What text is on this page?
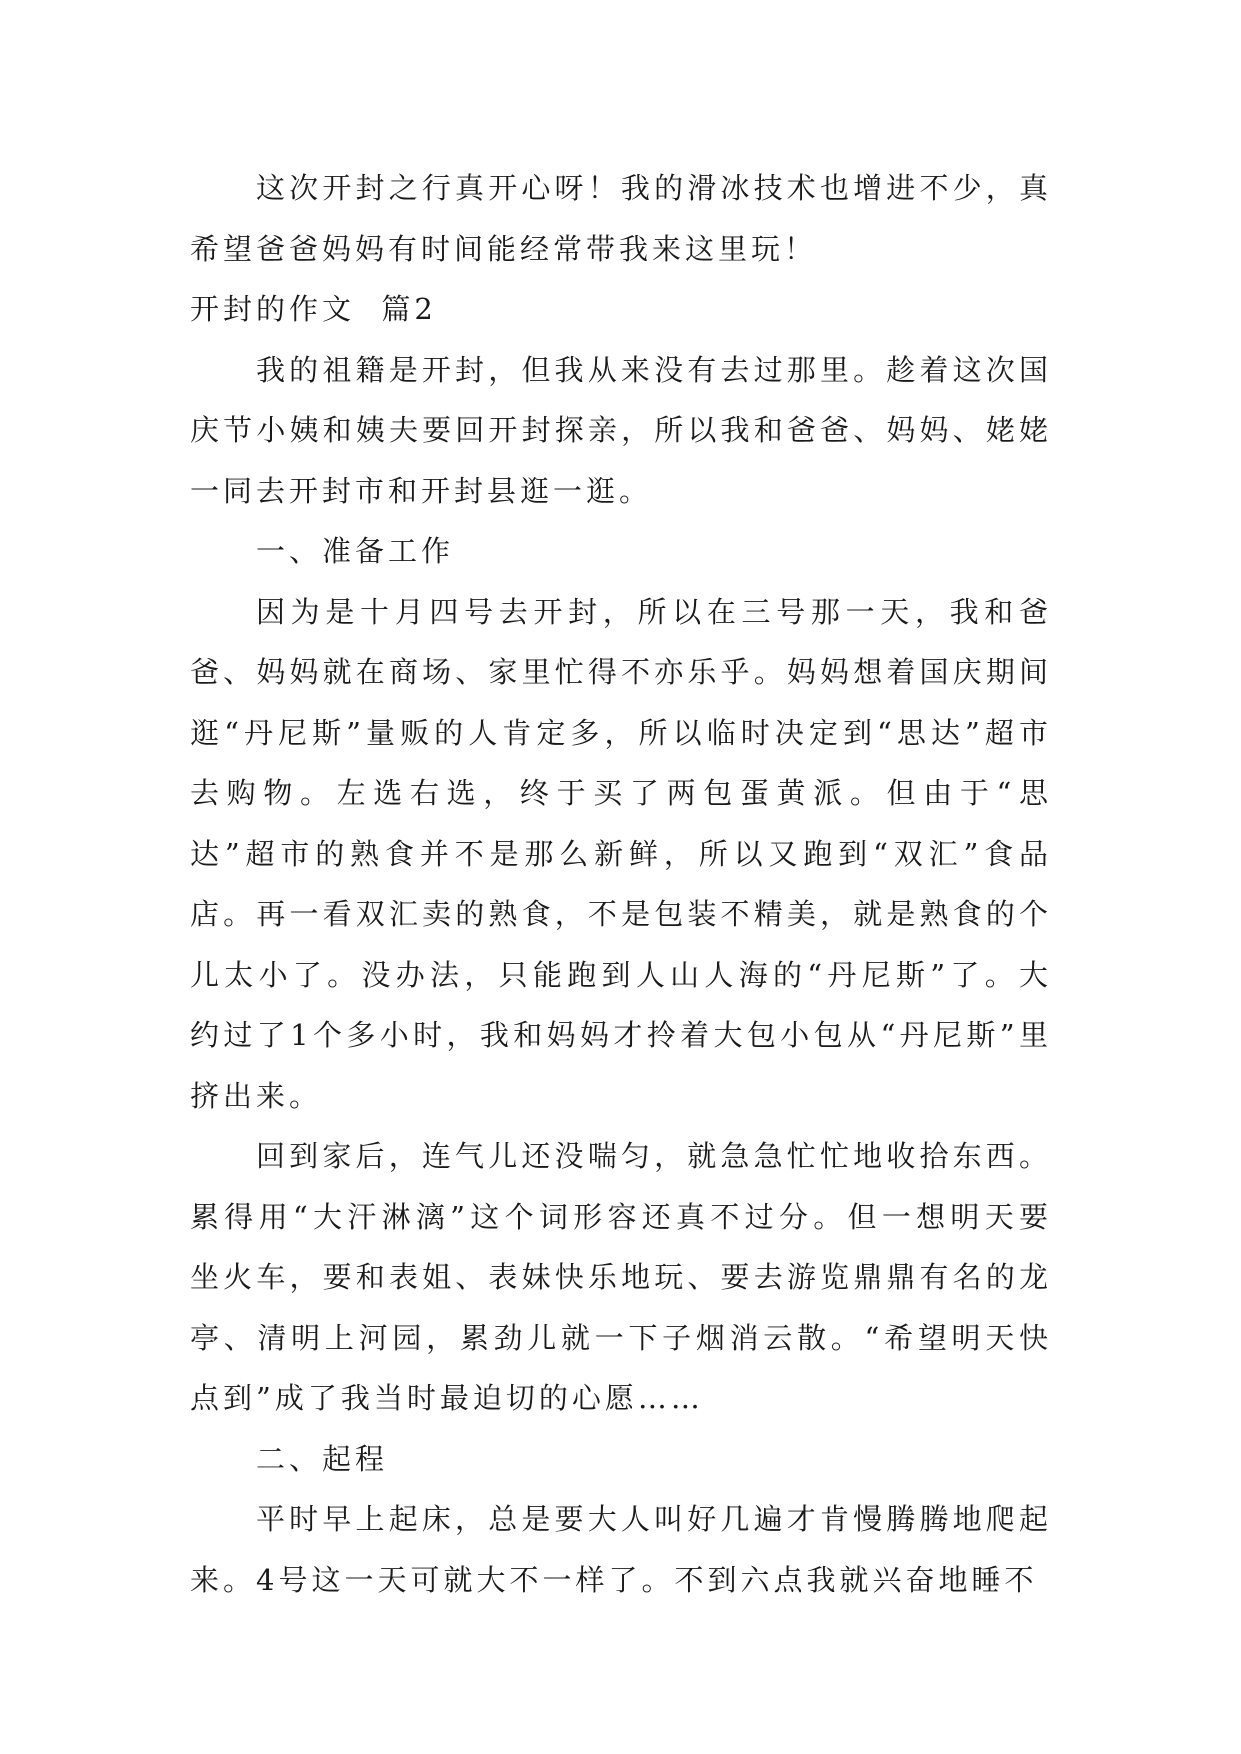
这次开封之行真开心呀！我的滑冰技术也增进不少，真希望爸爸妈妈有时间能经常带我来这里玩！

开封的作文  篇2

我的祖籍是开封，但我从来没有去过那里。趁着这次国庆节小姨和姨夫要回开封探亲，所以我和爸爸、妈妈、姥姥一同去开封市和开封县逛一逛。

一、准备工作

因为是十月四号去开封，所以在三号那一天，我和爸爸、妈妈就在商场、家里忙得不亦乐乎。妈妈想着国庆期间逛“丹尼斯”量贩的人肯定多，所以临时决定到“思达”超市去购物。左选右选，终于买了两包蛋黄派。但由于“思达”超市的熟食并不是那么新鲜，所以又跑到“双汇”食品店。再一看双汇卖的熟食，不是包装不精美，就是熟食的个儿太小了。没办法，只能跑到人山人海的“丹尼斯”了。大约过了1个多小时，我和妈妈才拎着大包小包从“丹尼斯”里挤出来。

回到家后，连气儿还没喘匀，就急急忙忙地收拾东西。累得用“大汗淋漓”这个词形容还真不过分。但一想明天要坐火车，要和表姐、表妹快乐地玩、要去游览鼎鼎有名的龙亭、清明上河园，累劲儿就一下子烟消云散。“希望明天快点到”成了我当时最迫切的心愿……

二、起程

平时早上起床，总是要大人叫好几遍才肯慢腾腾地爬起来。4号这一天可就大不一样了。不到六点我就兴奋地睡不
